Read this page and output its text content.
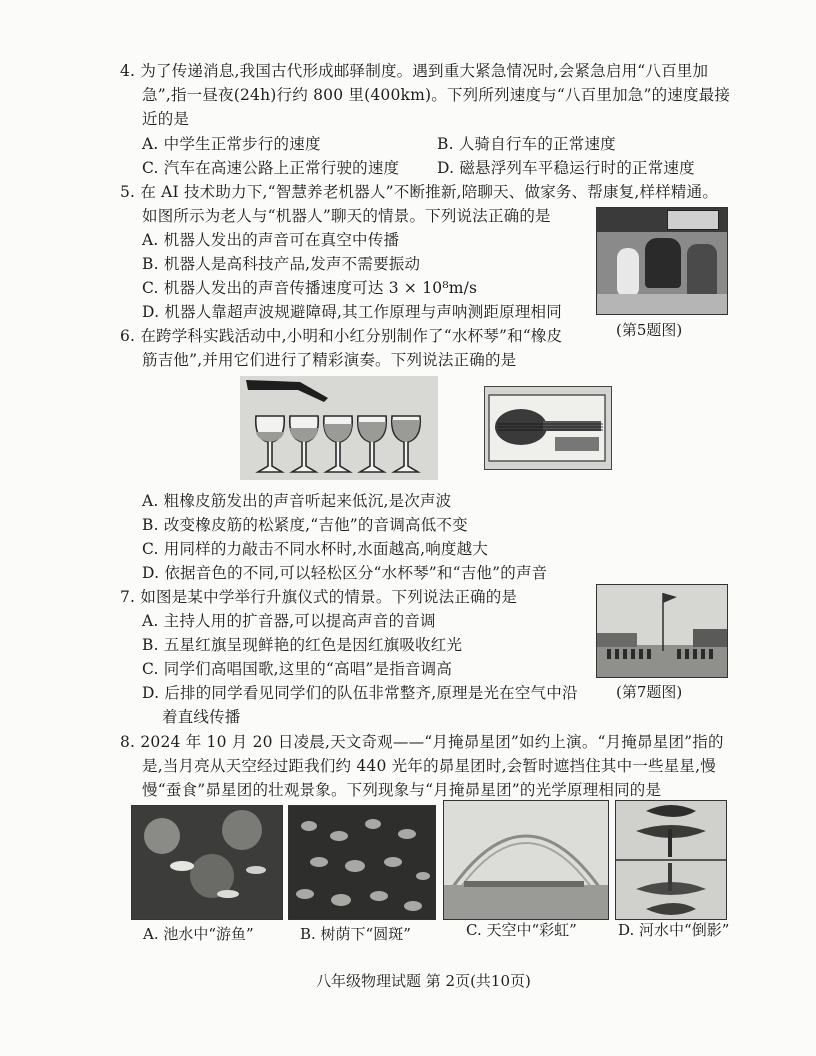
4. 为了传递消息,我国古代形成邮驿制度。遇到重大紧急情况时,会紧急启用“八百里加
急”,指一昼夜(24h)行约 800 里(400km)。下列所列速度与“八百里加急”的速度最接
近的是
A. 中学生正常步行的速度	B. 人骑自行车的正常速度
C. 汽车在高速公路上正常行驶的速度 D. 磁悬浮列车平稳运行时的正常速度
5. 在 AI 技术助力下,“智慧养老机器人”不断推新,陪聊天、做家务、帮康复,样样精通。
如图所示为老人与“机器人”聊天的情景。下列说法正确的是
A. 机器人发出的声音可在真空中传播
B. 机器人是高科技产品,发声不需要振动
C. 机器人发出的声音传播速度可达 3 × 10⁸m/s
D. 机器人靠超声波规避障碍,其工作原理与声呐测距原理相同
(第5题图)
6. 在跨学科实践活动中,小明和小红分别制作了“水杯琴”和“橡皮
筋吉他”,并用它们进行了精彩演奏。下列说法正确的是
A. 粗橡皮筋发出的声音听起来低沉,是次声波
B. 改变橡皮筋的松紧度,“吉他”的音调高低不变
C. 用同样的力敲击不同水杯时,水面越高,响度越大
D. 依据音色的不同,可以轻松区分“水杯琴”和“吉他”的声音
7. 如图是某中学举行升旗仪式的情景。下列说法正确的是
A. 主持人用的扩音器,可以提高声音的音调
B. 五星红旗呈现鲜艳的红色是因红旗吸收红光
C. 同学们高唱国歌,这里的“高唱”是指音调高
D. 后排的同学看见同学们的队伍非常整齐,原理是光在空气中沿
着直线传播
(第7题图)
8. 2024 年 10 月 20 日凌晨,天文奇观——“月掩昴星团”如约上演。“月掩昴星团”指的
是,当月亮从天空经过距我们约 440 光年的昴星团时,会暂时遮挡住其中一些星星,慢
慢“蚕食”昴星团的壮观景象。下列现象与“月掩昴星团”的光学原理相同的是
A. 池水中“游鱼”	B. 树荫下“圆斑”	C. 天空中“彩虹”	D. 河水中“倒影”
八年级物理试题 第 2页(共10页)
